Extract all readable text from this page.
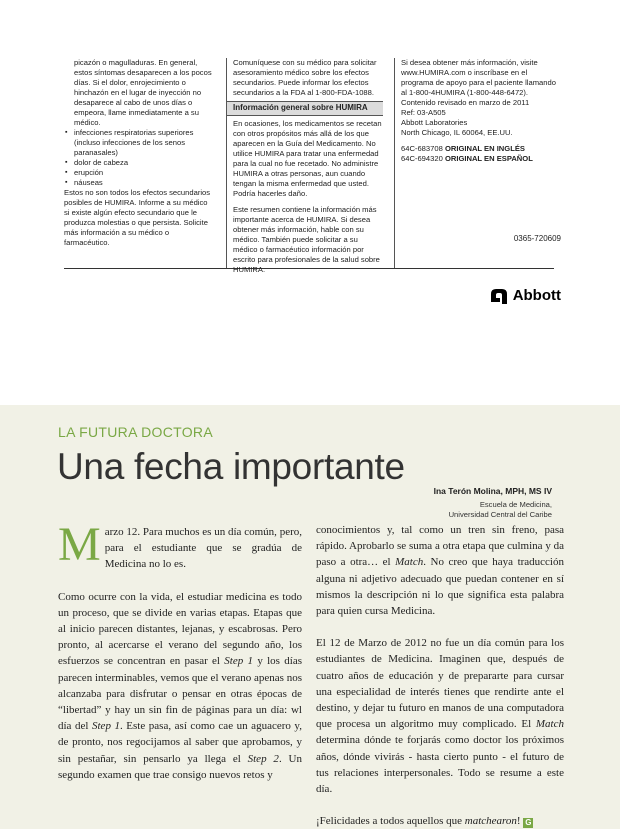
picazón o magulladuras. En general, estos síntomas desaparecen a los pocos días. Si el dolor, enrojecimiento o hinchazón en el lugar de inyección no desaparece al cabo de unos días o empeora, llame inmediatamente a su médico.

▪ infecciones respiratorias superiores (incluso infecciones de los senos paranasales)
▪ dolor de cabeza
▪ erupción
▪ náuseas

Estos no son todos los efectos secundarios posibles de HUMIRA. Informe a su médico si existe algún efecto secundario que le produzca molestias o que persista. Solicite más información a su médico o farmacéutico.

Comuníquese con su médico para solicitar asesoramiento médico sobre los efectos secundarios. Puede informar los efectos secundarios a la FDA al 1-800-FDA-1088.

Información general sobre HUMIRA

En ocasiones, los medicamentos se recetan con otros propósitos más allá de los que aparecen en la Guía del Medicamento. No utilice HUMIRA para tratar una enfermedad para la cual no fue recetado. No administre HUMIRA a otras personas, aun cuando tengan la misma enfermedad que usted. Podría hacerles daño.

Este resumen contiene la información más importante acerca de HUMIRA. Si desea obtener más información, hable con su médico. También puede solicitar a su médico o farmacéutico información por escrito para profesionales de la salud sobre HUMIRA.

Si desea obtener más información, visite www.HUMIRA.com o inscríbase en el programa de apoyo para el paciente llamando al 1-800-4HUMIRA (1-800-448-6472).

Contenido revisado en marzo de 2011

Ref: 03-A505

Abbott Laboratories

North Chicago, IL 60064, EE.UU.

64C-683708 ORIGINAL EN INGLÉS

64C-694320 ORIGINAL EN ESPAÑOL

0365-720609
Abbott
LA FUTURA DOCTORA
Una fecha importante
Ina Terón Molina, MPH, MS IV
Escuela de Medicina,
Universidad Central del Caribe

Marzo 12. Para muchos es un día común, pero, para el estudiante que se gradúa de Medicina no lo es.

Como ocurre con la vida, el estudiar medicina es todo un proceso, que se divide en varias etapas. Etapas que al inicio parecen distantes, lejanas, y escabrosas. Pero pronto, al acercarse el verano del segundo año, los esfuerzos se concentran en pasar el Step 1 y los días parecen interminables, vemos que el verano apenas nos alcanzaba para disfrutar o pensar en otras épocas de “libertad” y hay un sin fin de páginas para un día: wl día del Step 1. Este pasa, así como cae un aguacero y, de pronto, nos regocijamos al saber que aprobamos, y sin pestañar, sin pensarlo ya llega el Step 2. Un segundo examen que trae consigo nuevos retos y

conocimientos y, tal como un tren sin freno, pasa rápido. Aprobarlo se suma a otra etapa que culmina y da paso a otra… el Match. No creo que haya traducción alguna ni adjetivo adecuado que puedan contener en sí mismos la descripción ni lo que significa esta palabra para quien cursa Medicina.

El 12 de Marzo de 2012 no fue un día común para los estudiantes de Medicina. Imaginen que, después de cuatro años de educación y de prepararte para cursar una especialidad de interés tienes que rendirte ante el destino, y dejar tu futuro en manos de una computadora que procesa un algoritmo muy complicado. El Match determina dónde te forjarás como doctor los próximos años, dónde vivirás - hasta cierto punto - el futuro de tus relaciones interpersonales. Todo se resume a este día.

¡Felicidades a todos aquellos que matchearon! G
